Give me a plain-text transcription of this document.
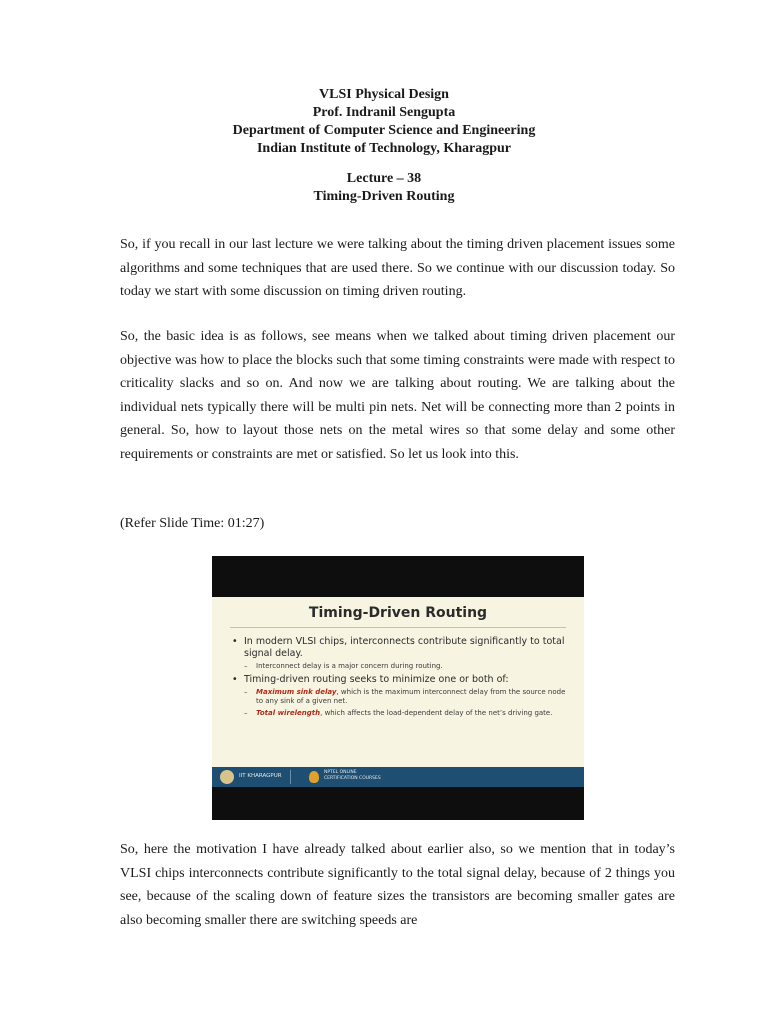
VLSI Physical Design
Prof. Indranil Sengupta
Department of Computer Science and Engineering
Indian Institute of Technology, Kharagpur
Lecture – 38
Timing-Driven Routing

So, if you recall in our last lecture we were talking about the timing driven placement issues some algorithms and some techniques that are used there. So we continue with our discussion today. So today we start with some discussion on timing driven routing.

So, the basic idea is as follows, see means when we talked about timing driven placement our objective was how to place the blocks such that some timing constraints were made with respect to criticality slacks and so on. And now we are talking about routing. We are talking about the individual nets typically there will be multi pin nets. Net will be connecting more than 2 points in general. So, how to layout those nets on the metal wires so that some delay and some other requirements or constraints are met or satisfied. So let us look into this.

(Refer Slide Time: 01:27)

Timing-Driven Routing
• In modern VLSI chips, interconnects contribute significantly to total signal delay.
– Interconnect delay is a major concern during routing.
• Timing-driven routing seeks to minimize one or both of:
– Maximum sink delay, which is the maximum interconnect delay from the source node to any sink of a given net.
– Total wirelength, which affects the load-dependent delay of the net’s driving gate.
IIT KHARAGPUR
NPTEL ONLINE
CERTIFICATION COURSES

So, here the motivation I have already talked about earlier also, so we mention that in today’s VLSI chips interconnects contribute significantly to the total signal delay, because of 2 things you see, because of the scaling down of feature sizes the transistors are becoming smaller gates are also becoming smaller there are switching speeds are
